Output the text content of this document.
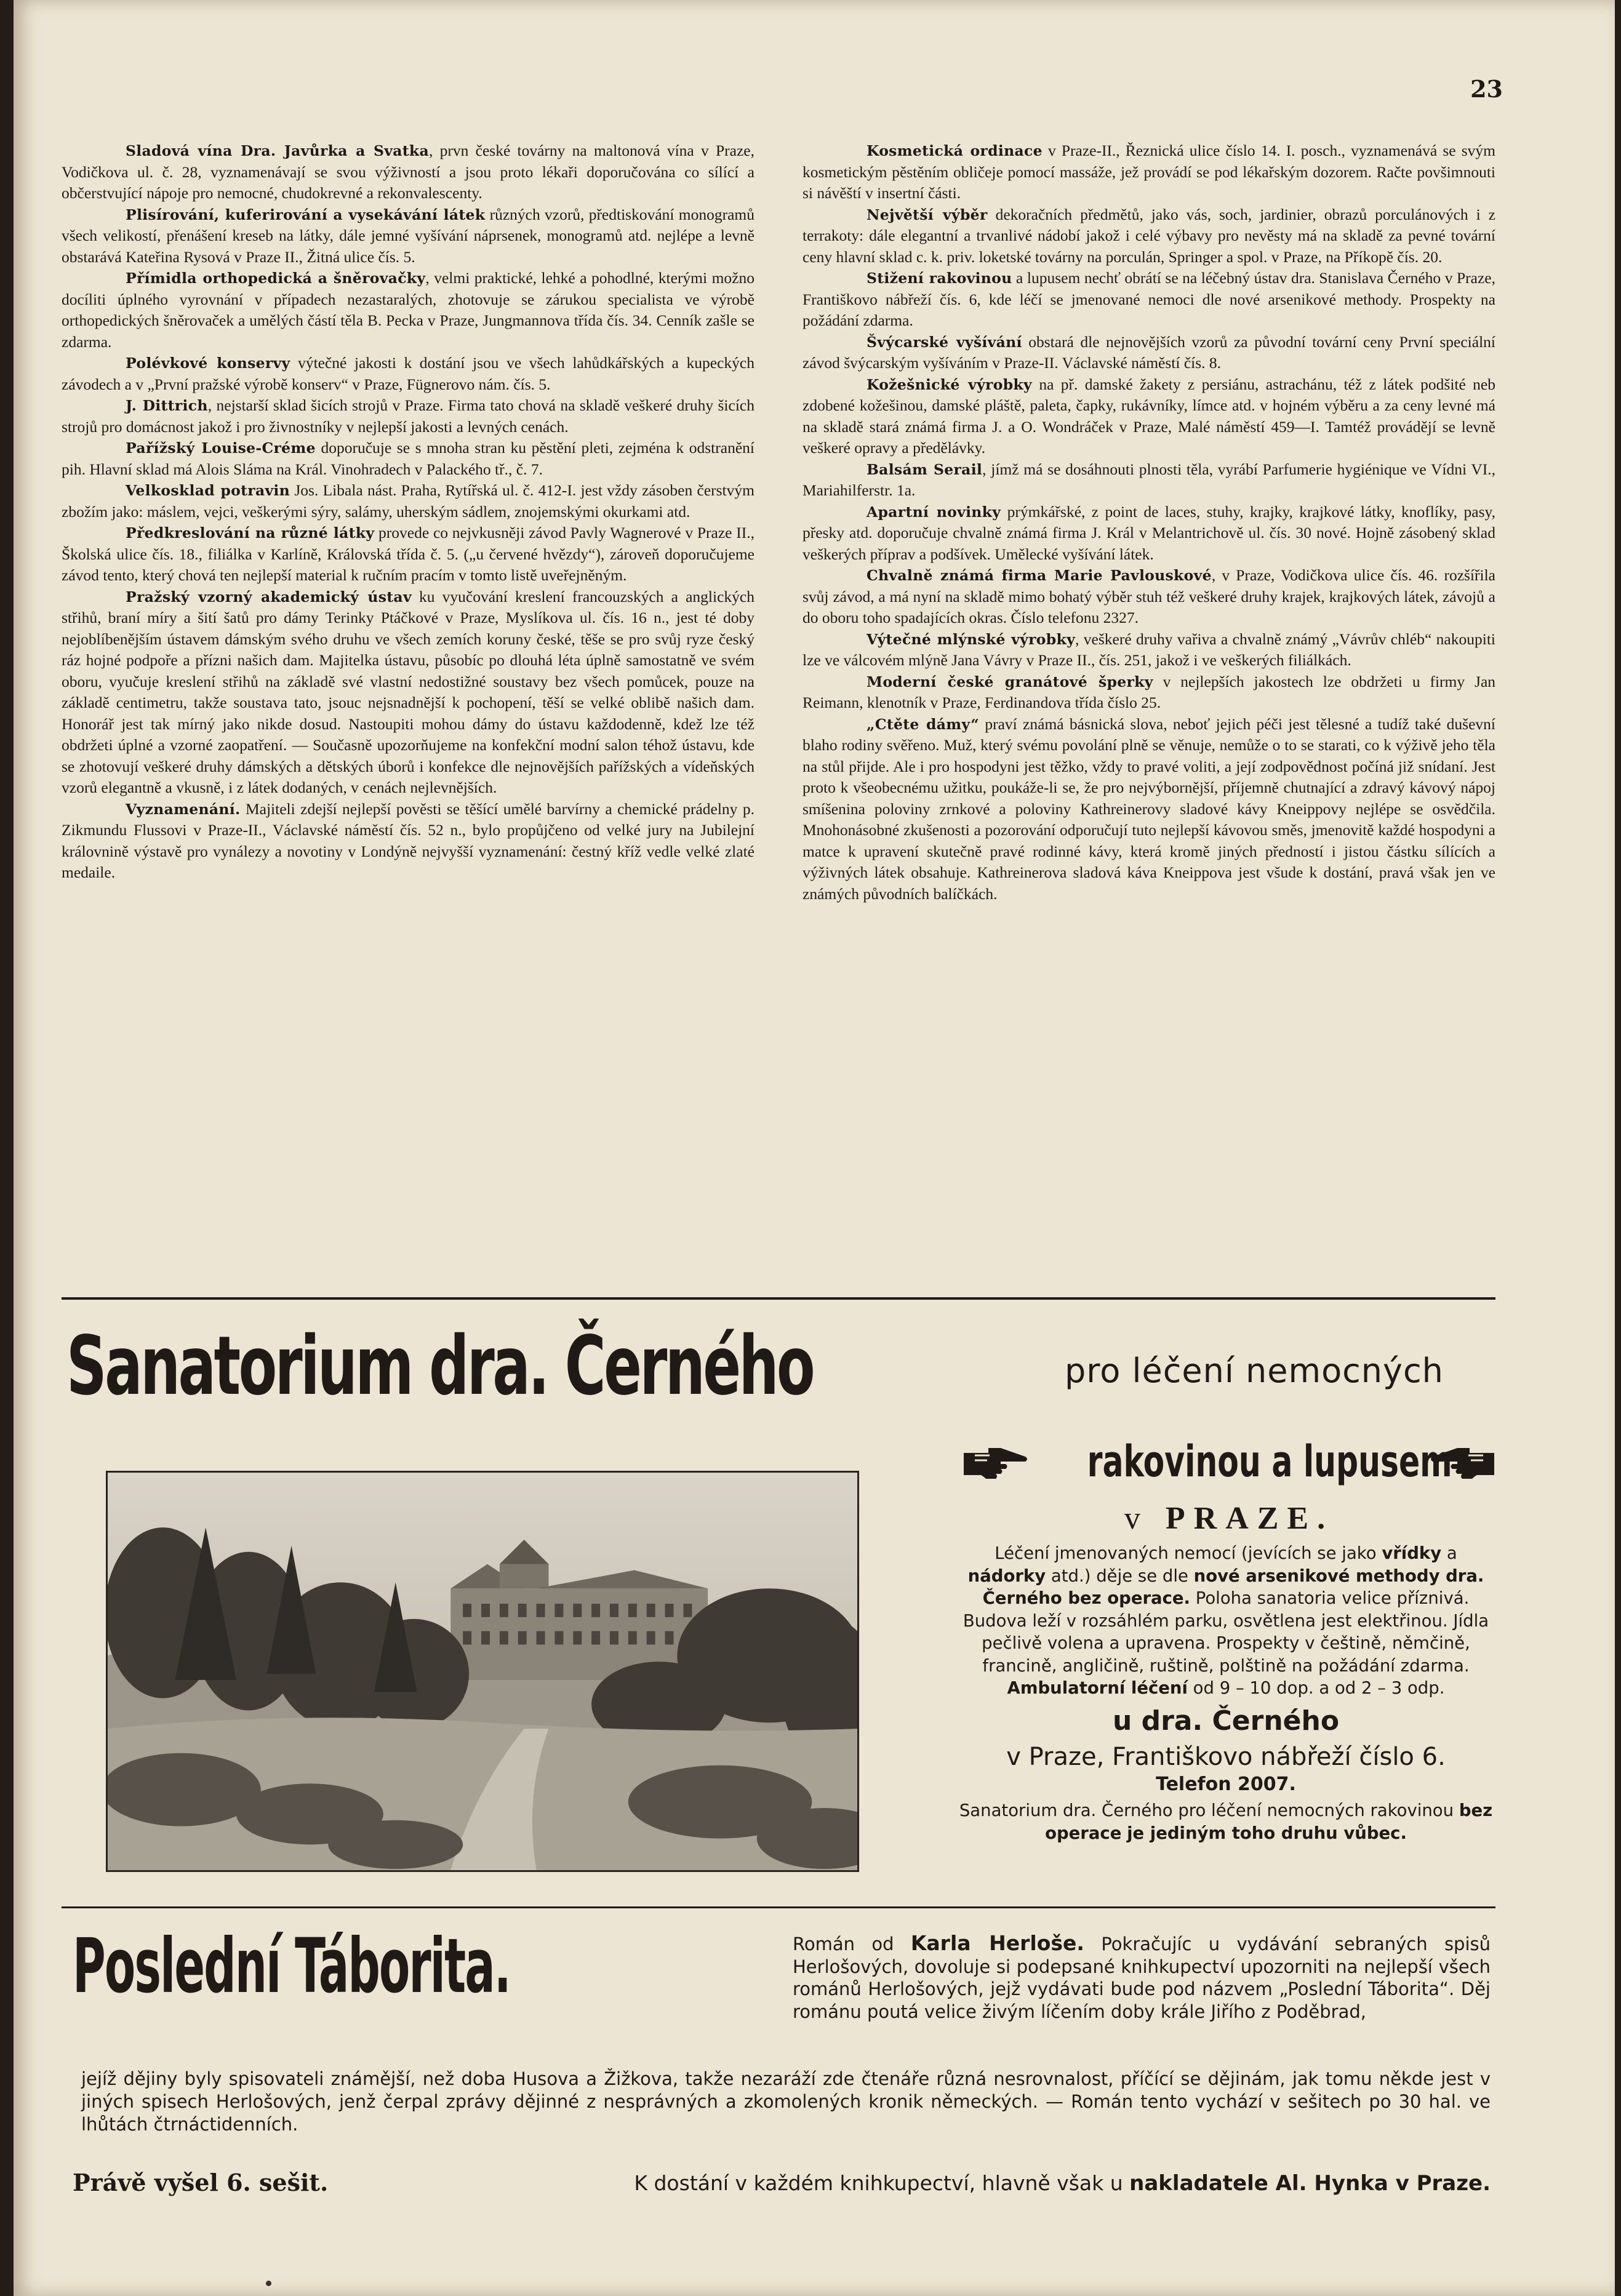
23

Sladová vína Dra. Javůrka a Svatka, prvn české továrny na maltonová vína v Praze, Vodičkova ul. č. 28, vyznamenávají se svou výživností a jsou proto lékaři doporučována co sílící a občerstvující nápoje pro nemocné, chudokrevné a rekonvalescenty.

Plisírování, kuferirování a vysekávání látek různých vzorů, předtiskování monogramů všech velikostí, přenášení kreseb na látky, dále jemné vyšívání náprsenek, monogramů atd. nejlépe a levně obstarává Kateřina Rysová v Praze II., Žitná ulice čís. 5.

Přímidla orthopedická a šněrovačky, velmi praktické, lehké a pohodlné, kterými možno docíliti úplného vyrovnání v případech nezastaralých, zhotovuje se zárukou specialista ve výrobě orthopedických šněrovaček a umělých částí těla B. Pecka v Praze, Jungmannova třída čís. 34. Cenník zašle se zdarma.

Polévkové konservy výtečné jakosti k dostání jsou ve všech lahůdkářských a kupeckých závodech a v „První pražské výrobě konserv“ v Praze, Fügnerovo nám. čís. 5.

J. Dittrich, nejstarší sklad šicích strojů v Praze. Firma tato chová na skladě veškeré druhy šicích strojů pro domácnost jakož i pro živnostníky v nejlepší jakosti a levných cenách.

Pařížský Louise-Créme doporučuje se s mnoha stran ku pěstění pleti, zejména k odstranění pih. Hlavní sklad má Alois Sláma na Král. Vinohradech v Palackého tř., č. 7.

Velkosklad potravin Jos. Libala nást. Praha, Rytířská ul. č. 412-I. jest vždy zásoben čerstvým zbožím jako: máslem, vejci, veškerými sýry, salámy, uherským sádlem, znojemskými okurkami atd.

Předkreslování na různé látky provede co nejvkusněji závod Pavly Wagnerové v Praze II., Školská ulice čís. 18., filiálka v Karlíně, Královská třída č. 5. („u červené hvězdy“), zároveň doporučujeme závod tento, který chová ten nejlepší material k ručním pracím v tomto listě uveřejněným.

Pražský vzorný akademický ústav ku vyučování kreslení francouzských a anglických střihů, braní míry a šití šatů pro dámy Terinky Ptáčkové v Praze, Myslíkova ul. čís. 16 n., jest té doby nejoblíbenějším ústavem dámským svého druhu ve všech zemích koruny české, těše se pro svůj ryze český ráz hojné podpoře a přízni našich dam. Majitelka ústavu, působíc po dlouhá léta úplně samostatně ve svém oboru, vyučuje kreslení střihů na základě své vlastní nedostižné soustavy bez všech pomůcek, pouze na základě centimetru, takže soustava tato, jsouc nejsnadnější k pochopení, těší se velké oblibě našich dam. Honorář jest tak mírný jako nikde dosud. Nastoupiti mohou dámy do ústavu každodenně, kdež lze též obdržeti úplné a vzorné zaopatření. — Současně upozorňujeme na konfekční modní salon téhož ústavu, kde se zhotovují veškeré druhy dámských a dětských úborů i konfekce dle nejnovějších pařížských a vídeňských vzorů elegantně a vkusně, i z látek dodaných, v cenách nejlevnějších.

Vyznamenání. Majiteli zdejší nejlepší pověsti se těšící umělé barvírny a chemické prádelny p. Zikmundu Flussovi v Praze-II., Václavské náměstí čís. 52 n., bylo propůjčeno od velké jury na Jubilejní královnině výstavě pro vynálezy a novotiny v Londýně nejvyšší vyznamenání: čestný kříž vedle velké zlaté medaile.

Kosmetická ordinace v Praze-II., Řeznická ulice číslo 14. I. posch., vyznamenává se svým kosmetickým pěstěním obličeje pomocí massáže, jež provádí se pod lékařským dozorem. Račte povšimnouti si návěští v insertní části.

Největší výběr dekoračních předmětů, jako vás, soch, jardinier, obrazů porculánových i z terrakoty: dále elegantní a trvanlivé nádobí jakož i celé výbavy pro nevěsty má na skladě za pevné tovární ceny hlavní sklad c. k. priv. loketské továrny na porculán, Springer a spol. v Praze, na Příkopě čís. 20.

Stižení rakovinou a lupusem nechť obrátí se na léčebný ústav dra. Stanislava Černého v Praze, Františkovo nábřeží čís. 6, kde léčí se jmenované nemoci dle nové arsenikové methody. Prospekty na požádání zdarma.

Švýcarské vyšívání obstará dle nejnovějších vzorů za původní tovární ceny První speciální závod švýcarským vyšíváním v Praze-II. Václavské náměstí čís. 8.

Kožešnické výrobky na př. damské žakety z persiánu, astrachánu, též z látek podšité neb zdobené kožešinou, damské pláště, paleta, čapky, rukávníky, límce atd. v hojném výběru a za ceny levné má na skladě stará známá firma J. a O. Wondráček v Praze, Malé náměstí 459—I. Tamtéž provádějí se levně veškeré opravy a předělávky.

Balsám Serail, jímž má se dosáhnouti plnosti těla, vyrábí Parfumerie hygiénique ve Vídni VI., Mariahilferstr. 1a.

Apartní novinky prýmkářské, z point de laces, stuhy, krajky, krajkové látky, knoflíky, pasy, přesky atd. doporučuje chvalně známá firma J. Král v Melantrichově ul. čís. 30 nové. Hojně zásobený sklad veškerých příprav a podšívek. Umělecké vyšívání látek.

Chvalně známá firma Marie Pavlouskové, v Praze, Vodičkova ulice čís. 46. rozšířila svůj závod, a má nyní na skladě mimo bohatý výběr stuh též veškeré druhy krajek, krajkových látek, závojů a do oboru toho spadajících okras. Číslo telefonu 2327.

Výtečné mlýnské výrobky, veškeré druhy vařiva a chvalně známý „Vávrův chléb“ nakoupiti lze ve válcovém mlýně Jana Vávry v Praze II., čís. 251, jakož i ve veškerých filiálkách.

Moderní české granátové šperky v nejlepších jakostech lze obdržeti u firmy Jan Reimann, klenotník v Praze, Ferdinandova třída číslo 25.

„Ctěte dámy“ praví známá básnická slova, neboť jejich péči jest tělesné a tudíž také duševní blaho rodiny svěřeno. Muž, který svému povolání plně se věnuje, nemůže o to se starati, co k výživě jeho těla na stůl přijde. Ale i pro hospodyni jest těžko, vždy to pravé voliti, a její zodpovědnost počíná již snídaní. Jest proto k všeobecnému užitku, poukáže-li se, že pro nejvýbornější, příjemně chutnající a zdravý kávový nápoj smíšenina poloviny zrnkové a poloviny Kathreinerovy sladové kávy Kneippovy nejlépe se osvědčila. Mnohonásobné zkušenosti a pozorování odporučují tuto nejlepší kávovou směs, jmenovitě každé hospodyni a matce k upravení skutečně pravé rodinné kávy, která kromě jiných předností i jistou částku sílících a výživných látek obsahuje. Kathreinerova sladová káva Kneippova jest všude k dostání, pravá však jen ve známých původních balíčkách.

Sanatorium dra. Černého	pro léčení nemocných
rakovinou a lupusem
v PRAZE.

Léčení jmenovaných nemocí (jevících se jako vřídky a nádorky atd.) děje se dle nové arsenikové methody dra. Černého bez operace. Poloha sanatoria velice příznivá. Budova leží v rozsáhlém parku, osvětlena jest elektřinou. Jídla pečlivě volena a upravena. Prospekty v češtině, němčině, francině, angličině, ruštině, polštině na požádání zdarma. Ambulatorní léčení od 9 – 10 dop. a od 2 – 3 odp.

u dra. Černého

v Praze, Františkovo nábřeží číslo 6.

Telefon 2007.

Sanatorium dra. Černého pro léčení nemocných rakovinou bez operace je jediným toho druhu vůbec.

Poslední Táborita.	Román od Karla Herloše. Pokračujíc u vydávání sebraných spisů Herlošových, dovoluje si podepsané knihkupectví upozorniti na nejlepší všech románů Herlošových, jejž vydávati bude pod názvem „Poslední Táborita“. Děj románu poutá velice živým líčením doby krále Jiřího z Poděbrad,
jejíž dějiny byly spisovateli známější, než doba Husova a Žižkova, takže nezaráží zde čtenáře různá nesrovnalost, příčící se dějinám, jak tomu někde jest v jiných spisech Herlošových, jenž čerpal zprávy dějinné z nesprávných a zkomolených kronik německých. — Román tento vychází v sešitech po 30 hal. ve lhůtách čtrnáctidenních.
Právě vyšel 6. sešit.	K dostání v každém knihkupectví, hlavně však u nakladatele Al. Hynka v Praze.
